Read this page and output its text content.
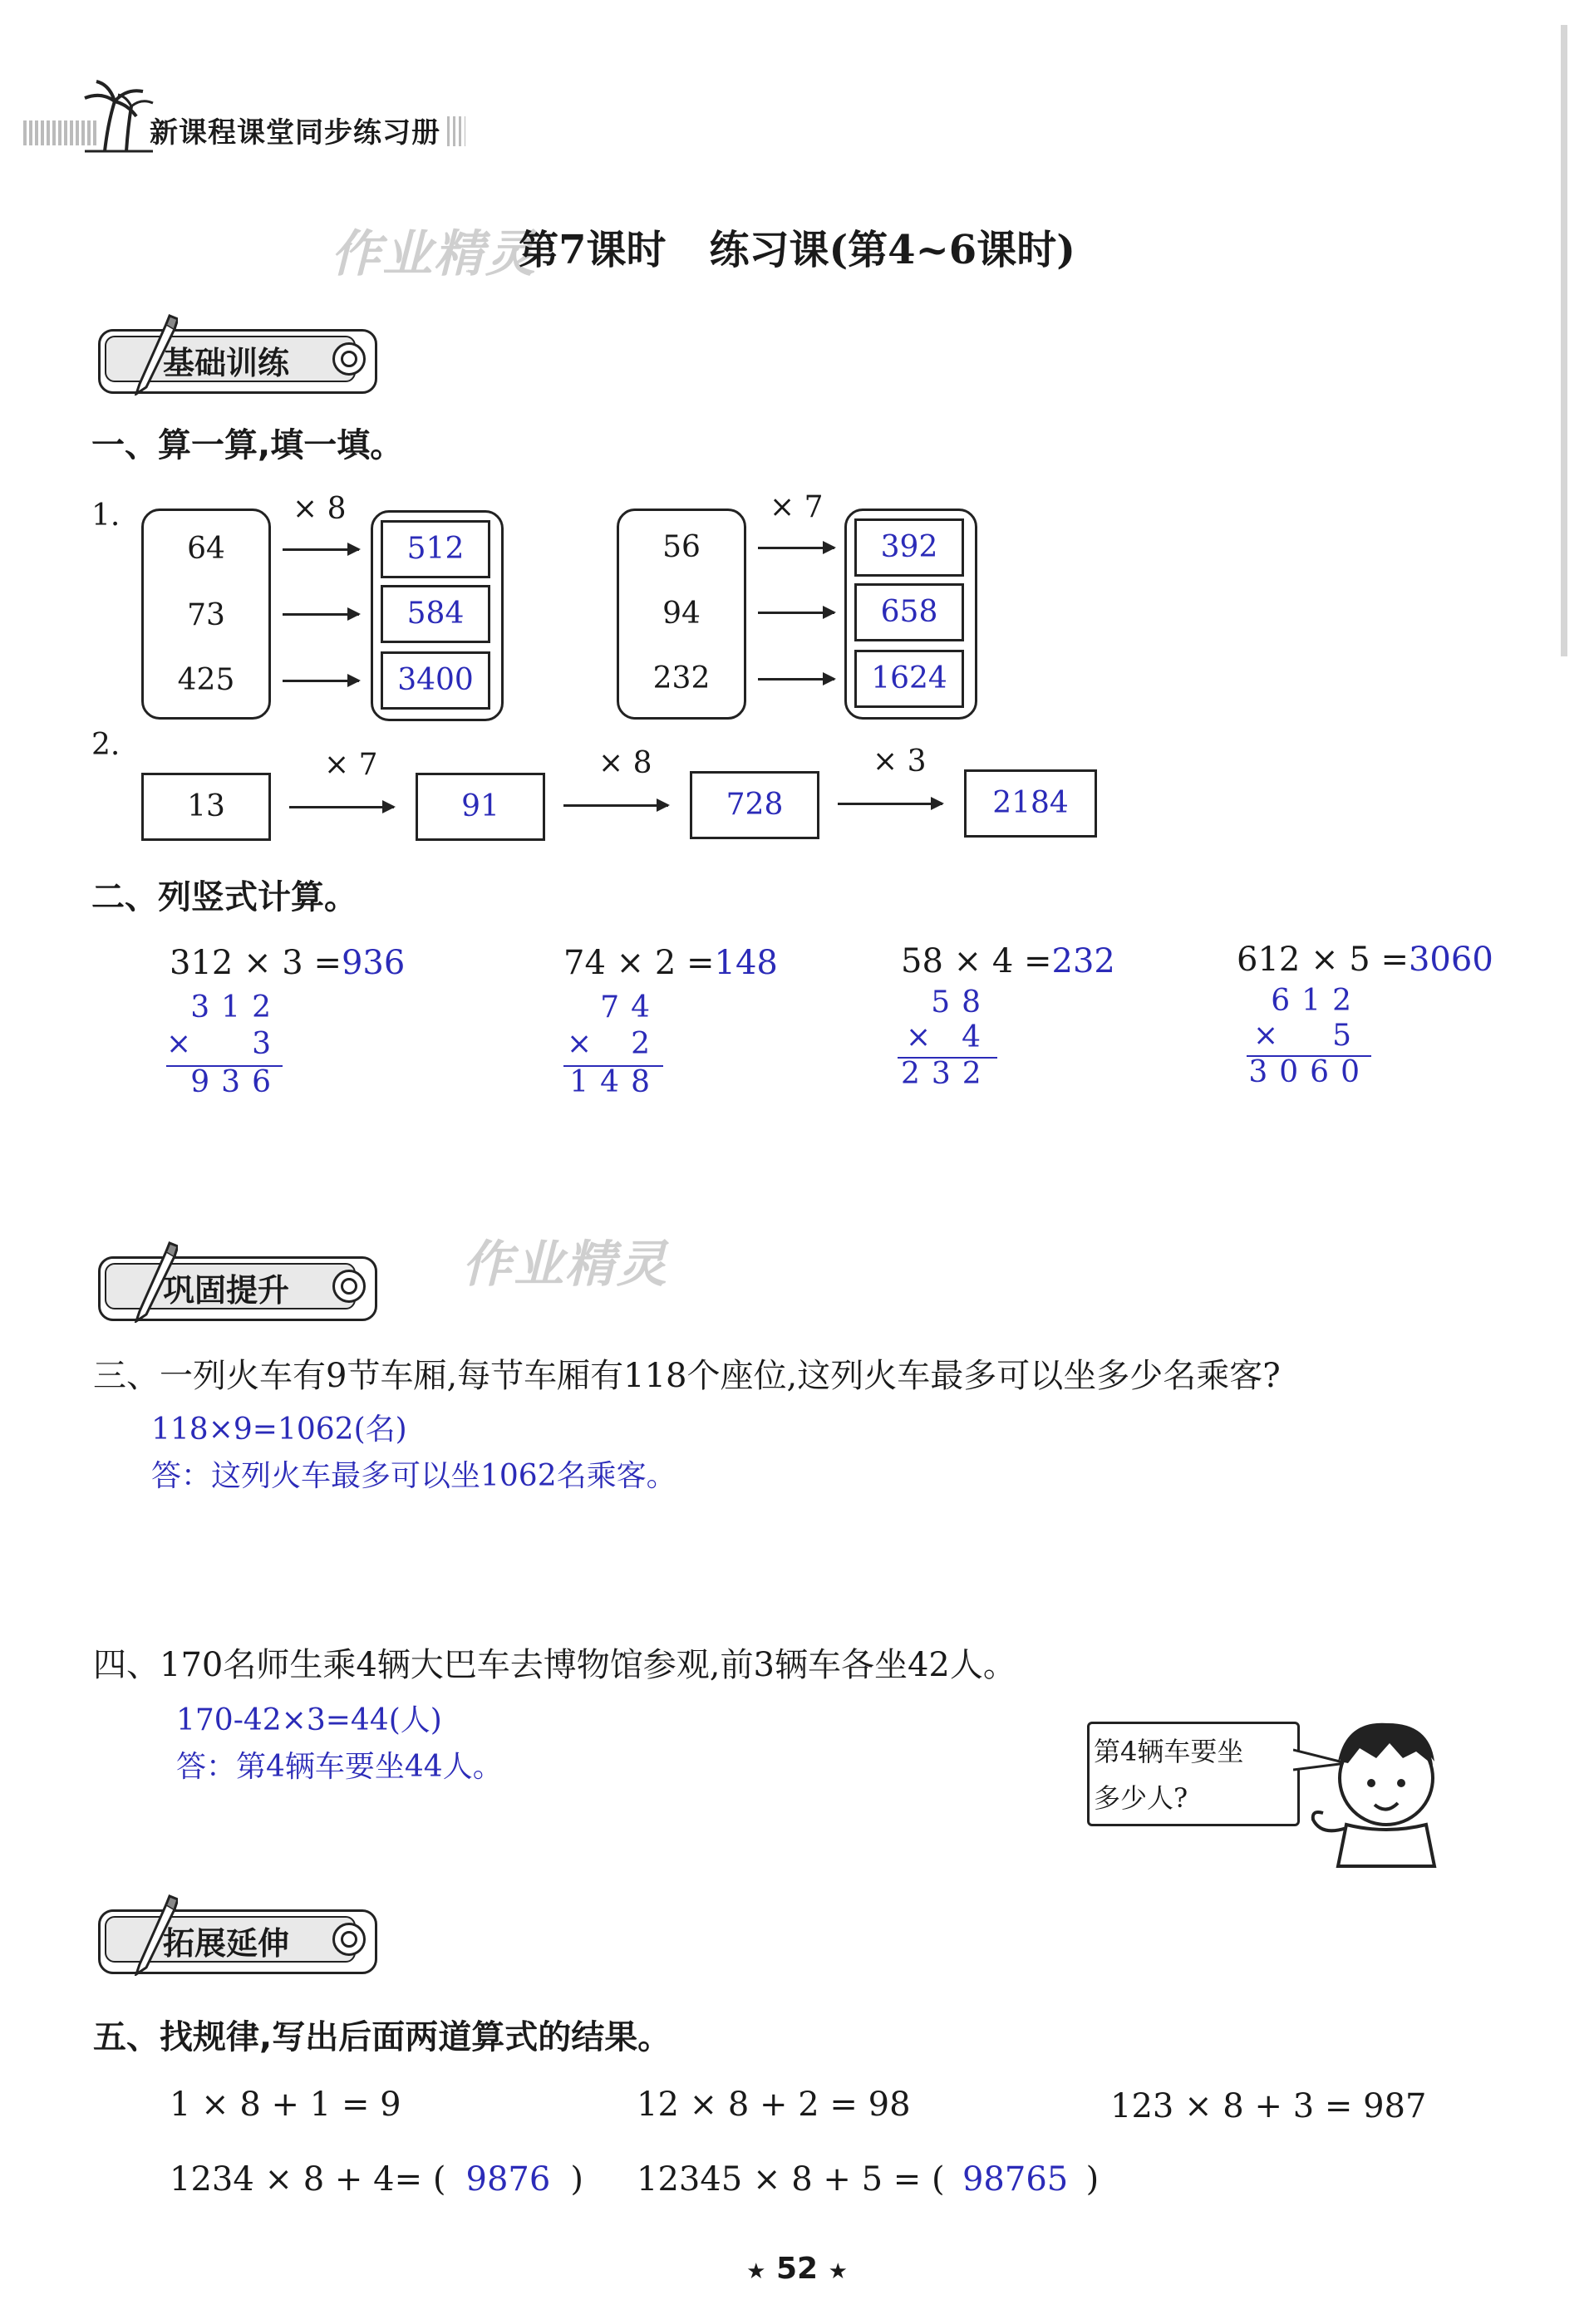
新课程课堂同步练习册
作业精灵
第7课时 练习课(第4~6课时)
基础训练
一、算一算,填一填。
1.
64
73
425
× 8
512
584
3400
56
94
232
× 7
392
658
1624
2.
13
× 7
91
× 8
728
× 3
2184
二、列竖式计算。
312 × 3 =936
312
×	3
936
74 × 2 =148
74
×	2
148
58 × 4 =232
58
×	4
232
612 × 5 =3060
612
×	5
3060
巩固提升	作业精灵
三、一列火车有9节车厢,每节车厢有118个座位,这列火车最多可以坐多少名乘客?
118×9=1062(名)
答：这列火车最多可以坐1062名乘客。
四、170名师生乘4辆大巴车去博物馆参观,前3辆车各坐42人。
170-42×3=44(人)
答：第4辆车要坐44人。	第4辆车要坐
多少人?
拓展延伸
五、找规律,写出后面两道算式的结果。
1 × 8 + 1 = 9	12 × 8 + 2 = 98	123 × 8 + 3 = 987
1234 × 8 + 4= ( 9876 ) 12345 × 8 + 5 = ( 98765 )
★ 52 ★
